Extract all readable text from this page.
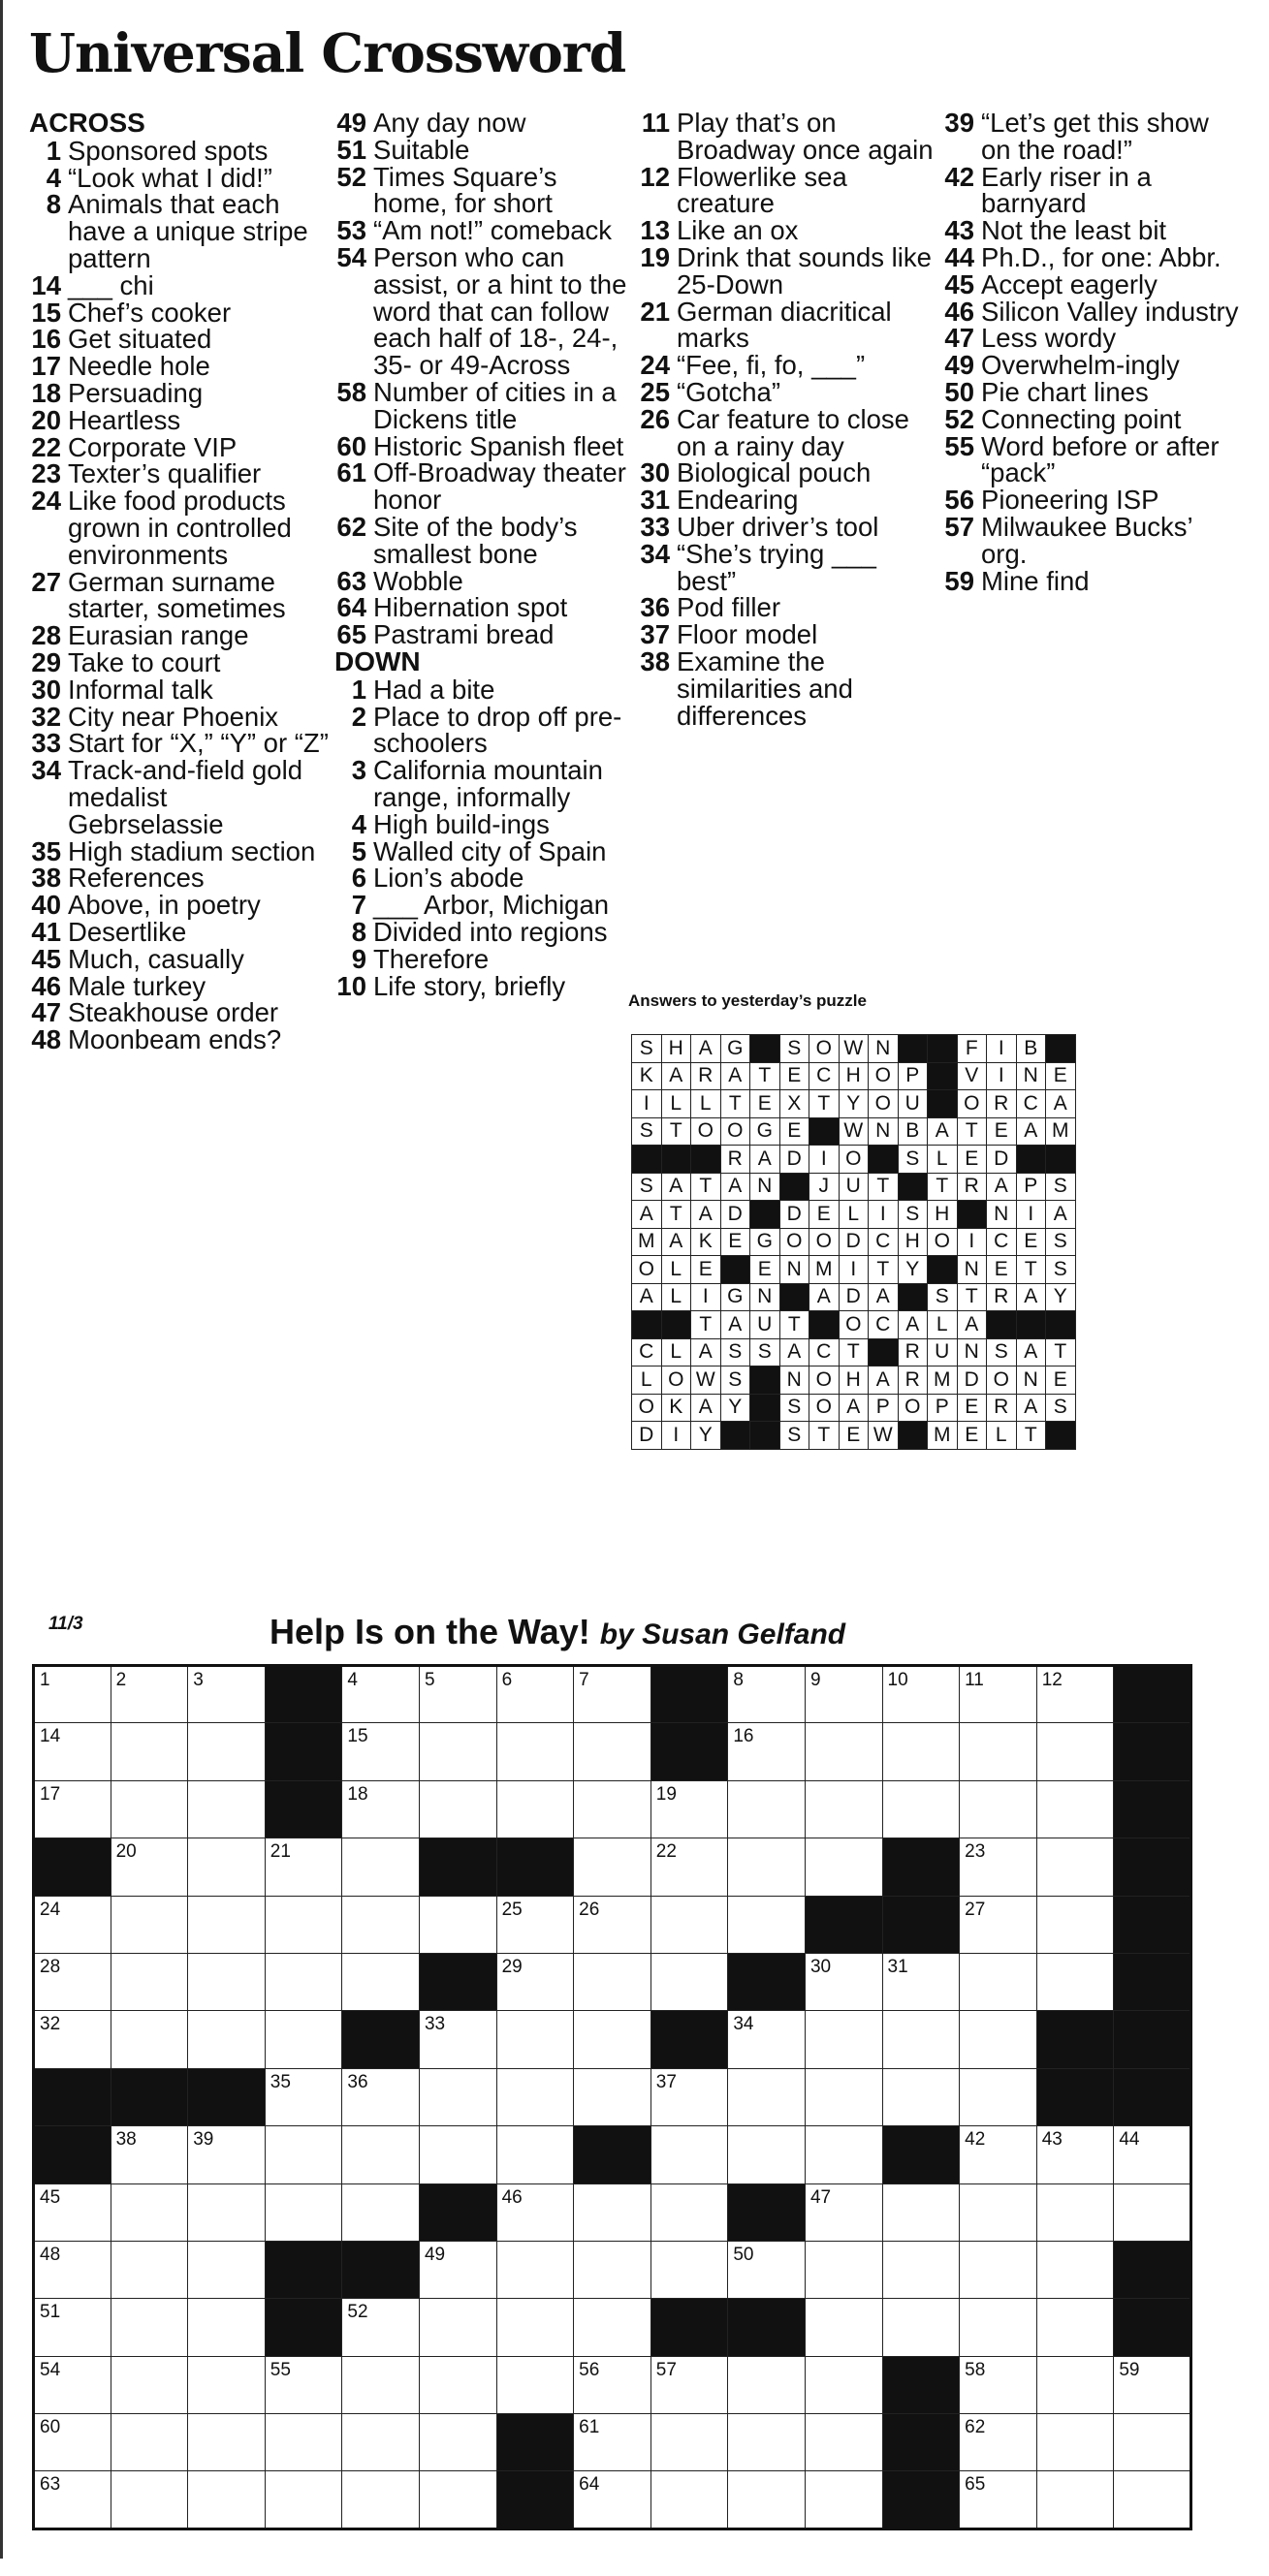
Universal Crossword
ACROSS
1 Sponsored spots
4 “Look what I did!”
8 Animals that each have a unique stripe pattern
14 ___ chi
15 Chef’s cooker
16 Get situated
17 Needle hole
18 Persuading
20 Heartless
22 Corporate VIP
23 Texter’s qualifier
24 Like food products grown in controlled environments
27 German surname starter, sometimes
28 Eurasian range
29 Take to court
30 Informal talk
32 City near Phoenix
33 Start for “X,” “Y” or “Z”
34 Track-and-field gold medalist Gebrselassie
35 High stadium section
38 References
40 Above, in poetry
41 Desertlike
45 Much, casually
46 Male turkey
47 Steakhouse order
48 Moonbeam ends?
49 Any day now
51 Suitable
52 Times Square’s home, for short
53 “Am not!” comeback
54 Person who can assist, or a hint to the word that can follow each half of 18-, 24-, 35- or 49-Across
58 Number of cities in a Dickens title
60 Historic Spanish fleet
61 Off-Broadway theater honor
62 Site of the body’s smallest bone
63 Wobble
64 Hibernation spot
65 Pastrami bread
DOWN
1 Had a bite
2 Place to drop off pre-schoolers
3 California mountain range, informally
4 High build-ings
5 Walled city of Spain
6 Lion’s abode
7 ___ Arbor, Michigan
8 Divided into regions
9 Therefore
10 Life story, briefly
11 Play that’s on Broadway once again
12 Flowerlike sea creature
13 Like an ox
19 Drink that sounds like 25-Down
21 German diacritical marks
24 “Fee, fi, fo, ___”
25 “Gotcha”
26 Car feature to close on a rainy day
30 Biological pouch
31 Endearing
33 Uber driver’s tool
34 “She’s trying ___ best”
36 Pod filler
37 Floor model
38 Examine the similarities and differences
39 “Let’s get this show on the road!”
42 Early riser in a barnyard
43 Not the least bit
44 Ph.D., for one: Abbr.
45 Accept eagerly
46 Silicon Valley industry
47 Less wordy
49 Overwhelm-ingly
50 Pie chart lines
52 Connecting point
55 Word before or after “pack”
56 Pioneering ISP
57 Milwaukee Bucks’ org.
59 Mine find
Answers to yesterday’s puzzle
S	H	A	G		S	O	W	N			F	I	B	
K	A	R	A	T	E	C	H	O	P		V	I	N	E
I	L	L	T	E	X	T	Y	O	U		O	R	C	A
S	T	O	O	G	E		W	N	B	A	T	E	A	M
			R	A	D	I	O		S	L	E	D		
S	A	T	A	N		J	U	T		T	R	A	P	S
A	T	A	D		D	E	L	I	S	H		N	I	A
M	A	K	E	G	O	O	D	C	H	O	I	C	E	S
O	L	E		E	N	M	I	T	Y		N	E	T	S
A	L	I	G	N		A	D	A		S	T	R	A	Y
		T	A	U	T		O	C	A	L	A			
C	L	A	S	S	A	C	T		R	U	N	S	A	T
L	O	W	S		N	O	H	A	R	M	D	O	N	E
O	K	A	Y		S	O	A	P	O	P	E	R	A	S
D	I	Y			S	T	E	W		M	E	L	T	
11/3	Help Is on the Way! by Susan Gelfand
1	2	3		4	5	6	7		8	9	10	11	12	

14				15					16					

17				18				19						

	20		21					22				23		

24						25	26					27		

28						29				30	31			

32					33				34					

			35	36				37						

	38	39										42	43	44

45						46				47				

48					49				50					

51				52										

54			55				56	57				58		59

60							61					62		

63							64					65		
